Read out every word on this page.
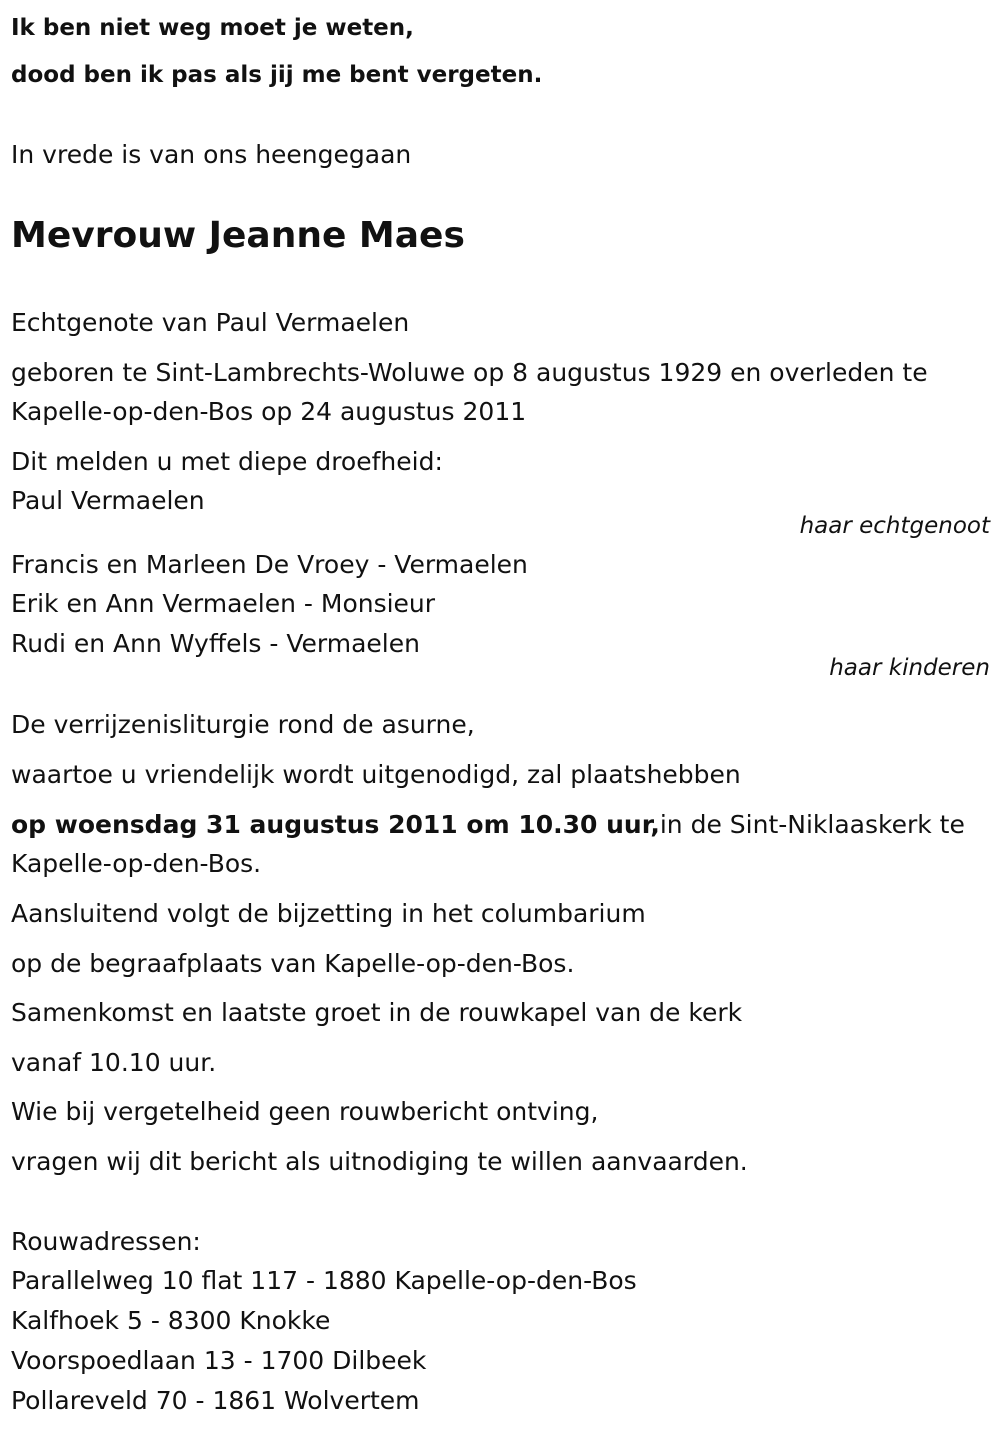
Ik ben niet weg moet je weten,
dood ben ik pas als jij me bent vergeten.
In vrede is van ons heengegaan
Mevrouw Jeanne Maes
Echtgenote van Paul Vermaelen
geboren te Sint-Lambrechts-Woluwe op 8 augustus 1929 en overleden te
Kapelle-op-den-Bos op 24 augustus 2011
Dit melden u met diepe droefheid:
Paul Vermaelen
haar echtgenoot
Francis en Marleen De Vroey - Vermaelen
Erik en Ann Vermaelen - Monsieur
Rudi en Ann Wyffels - Vermaelen
haar kinderen
De verrijzenisliturgie rond de asurne,
waartoe u vriendelijk wordt uitgenodigd, zal plaatshebben
op woensdag 31 augustus 2011 om 10.30 uur,in de Sint-Niklaaskerk te
Kapelle-op-den-Bos.
Aansluitend volgt de bijzetting in het columbarium
op de begraafplaats van Kapelle-op-den-Bos.
Samenkomst en laatste groet in de rouwkapel van de kerk
vanaf 10.10 uur.
Wie bij vergetelheid geen rouwbericht ontving,
vragen wij dit bericht als uitnodiging te willen aanvaarden.
Rouwadressen:
Parallelweg 10 flat 117 - 1880 Kapelle-op-den-Bos
Kalfhoek 5 - 8300 Knokke
Voorspoedlaan 13 - 1700 Dilbeek
Pollareveld 70 - 1861 Wolvertem
